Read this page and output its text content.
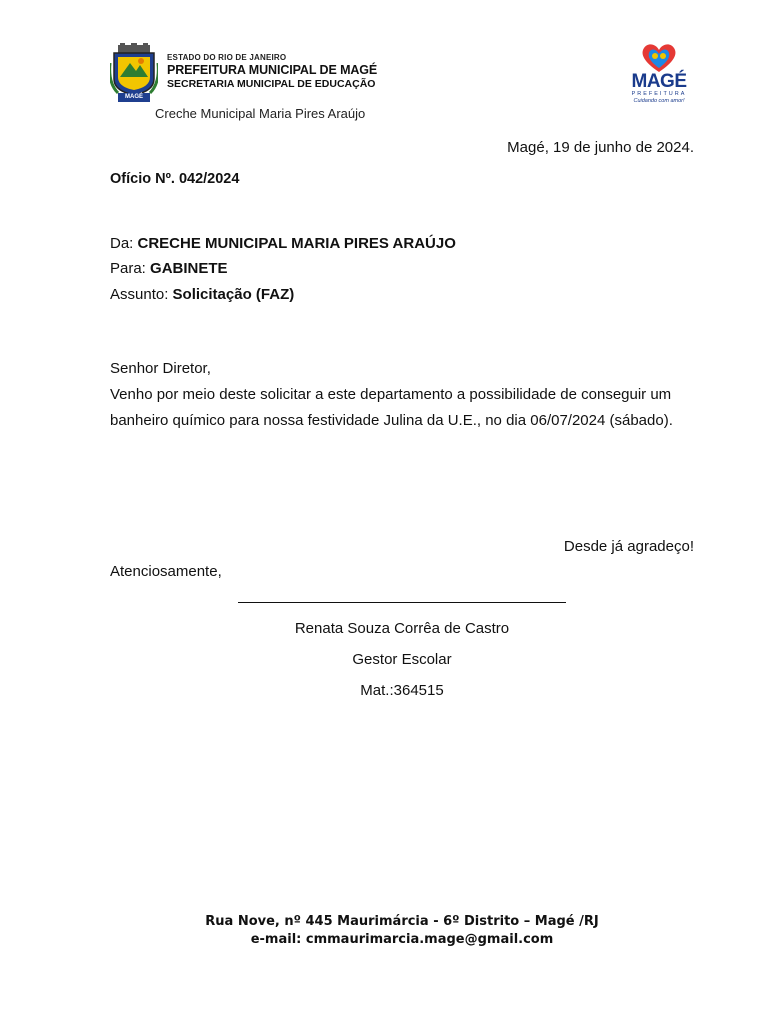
MAGÉ
ESTADO DO RIO DE JANEIRO
PREFEITURA MUNICIPAL DE MAGÉ
SECRETARIA MUNICIPAL DE EDUCAÇÃO
Creche Municipal Maria Pires Araújo
MAGÉ
PREFEITURA
Cuidando com amor!
Magé, 19 de junho de 2024.
Ofício Nº. 042/2024
Da: CRECHE MUNICIPAL MARIA PIRES ARAÚJO
Para: GABINETE
Assunto: Solicitação (FAZ)
Senhor Diretor,
Venho por meio deste solicitar a este departamento a possibilidade de conseguir um
banheiro químico para nossa festividade Julina da U.E., no dia 06/07/2024 (sábado).
Desde já agradeço!
Atenciosamente,
Renata Souza Corrêa de Castro
Gestor Escolar
Mat.:364515
Rua Nove, nº 445 Maurimárcia - 6º Distrito – Magé /RJ
e-mail: cmmaurimarcia.mage@gmail.com
